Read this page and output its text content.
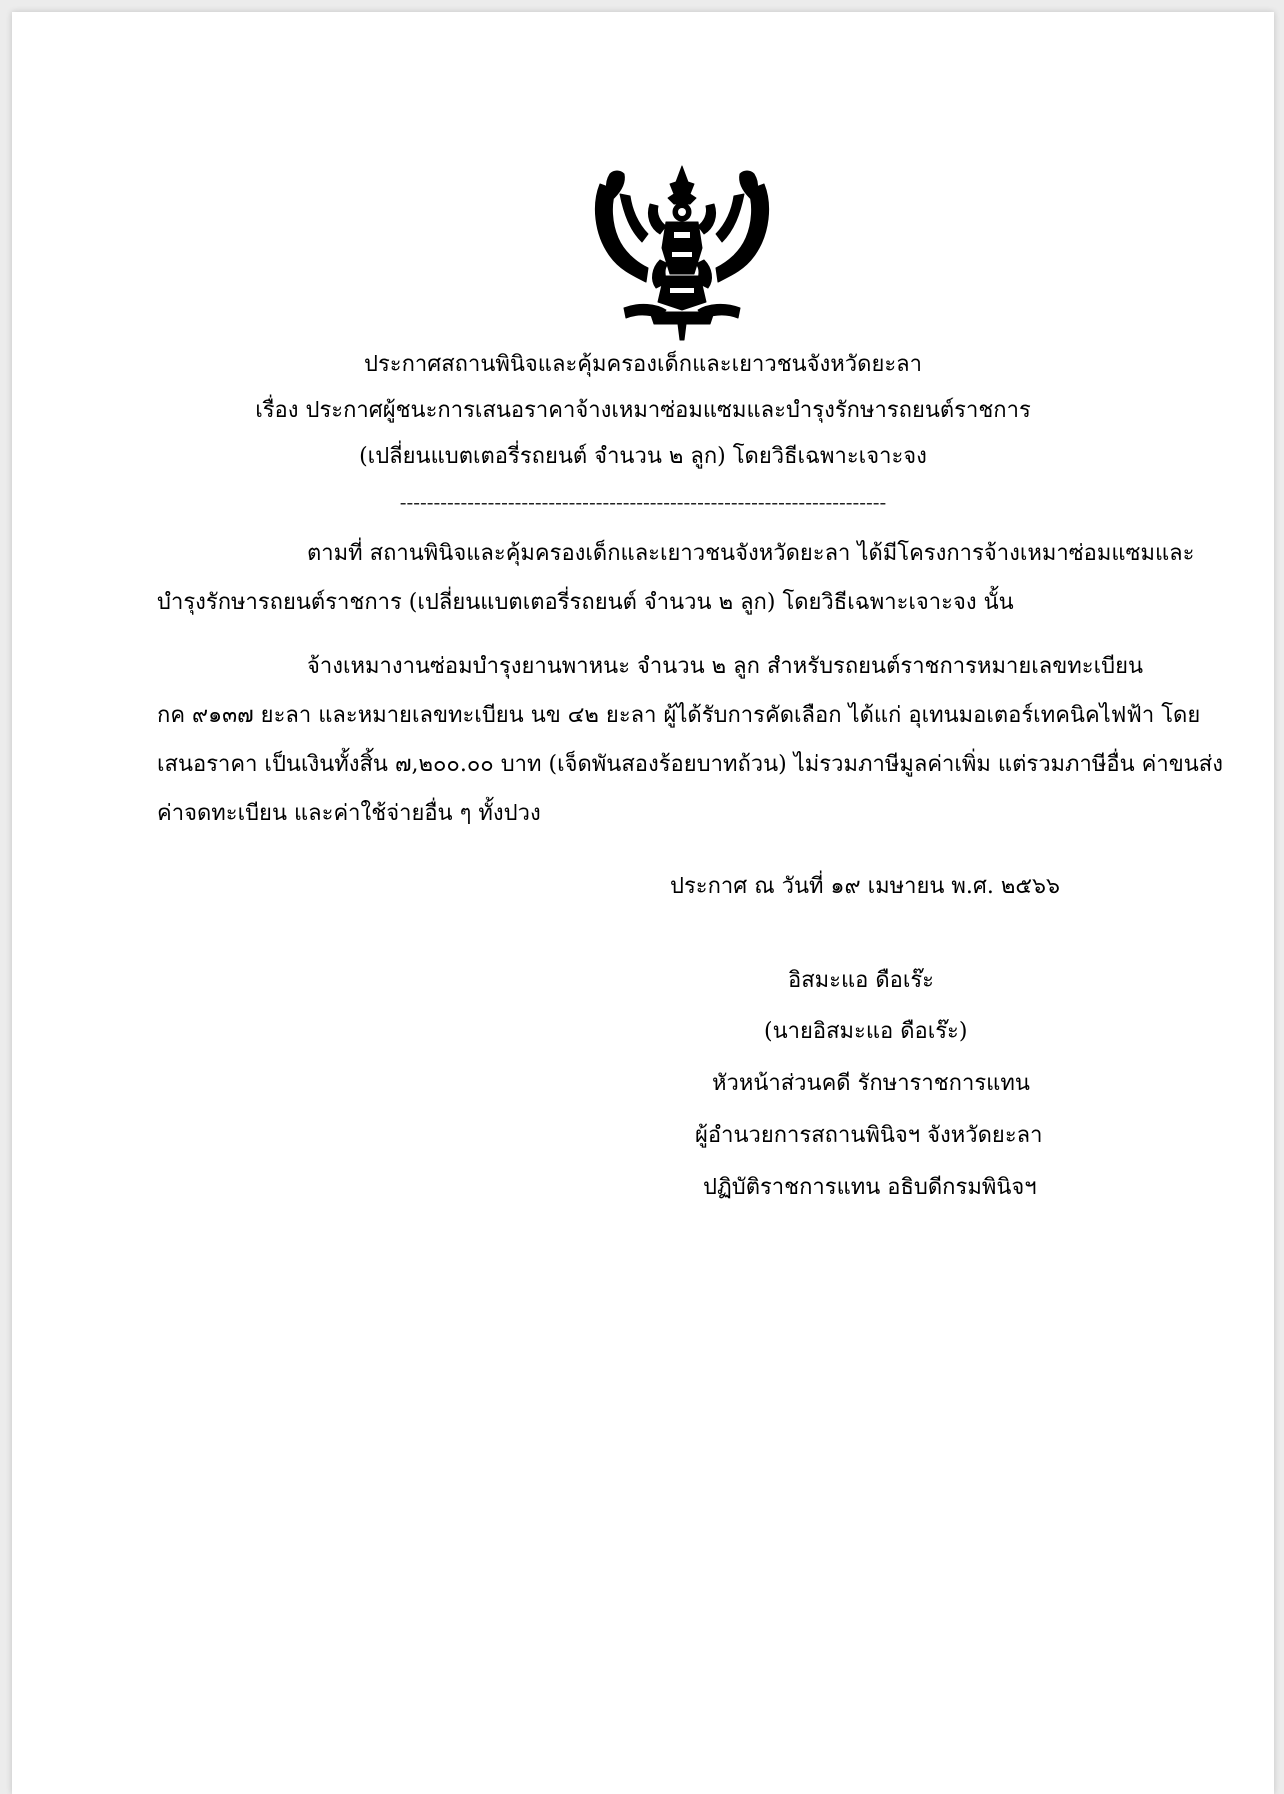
ประกาศสถานพินิจและคุ้มครองเด็กและเยาวชนจังหวัดยะลา
เรื่อง ประกาศผู้ชนะการเสนอราคาจ้างเหมาซ่อมแซมและบำรุงรักษารถยนต์ราชการ
(เปลี่ยนแบตเตอรี่รถยนต์ จำนวน ๒ ลูก) โดยวิธีเฉพาะเจาะจง
------------------------------------------------------------------------
ตามที่ สถานพินิจและคุ้มครองเด็กและเยาวชนจังหวัดยะลา ได้มีโครงการจ้างเหมาซ่อมแซมและ
บำรุงรักษารถยนต์ราชการ (เปลี่ยนแบตเตอรี่รถยนต์ จำนวน ๒ ลูก) โดยวิธีเฉพาะเจาะจง นั้น
จ้างเหมางานซ่อมบำรุงยานพาหนะ จำนวน ๒ ลูก สำหรับรถยนต์ราชการหมายเลขทะเบียน
กค ๙๑๓๗ ยะลา และหมายเลขทะเบียน นข ๔๒ ยะลา ผู้ได้รับการคัดเลือก ได้แก่ อุเทนมอเตอร์เทคนิคไฟฟ้า โดย
เสนอราคา เป็นเงินทั้งสิ้น ๗,๒๐๐.๐๐ บาท (เจ็ดพันสองร้อยบาทถ้วน) ไม่รวมภาษีมูลค่าเพิ่ม แต่รวมภาษีอื่น ค่าขนส่ง
ค่าจดทะเบียน และค่าใช้จ่ายอื่น ๆ ทั้งปวง
ประกาศ ณ วันที่ ๑๙ เมษายน พ.ศ. ๒๕๖๖
อิสมะแอ ดือเร๊ะ
(นายอิสมะแอ ดือเร๊ะ)
หัวหน้าส่วนคดี รักษาราชการแทน
ผู้อำนวยการสถานพินิจฯ จังหวัดยะลา
ปฏิบัติราชการแทน อธิบดีกรมพินิจฯ
